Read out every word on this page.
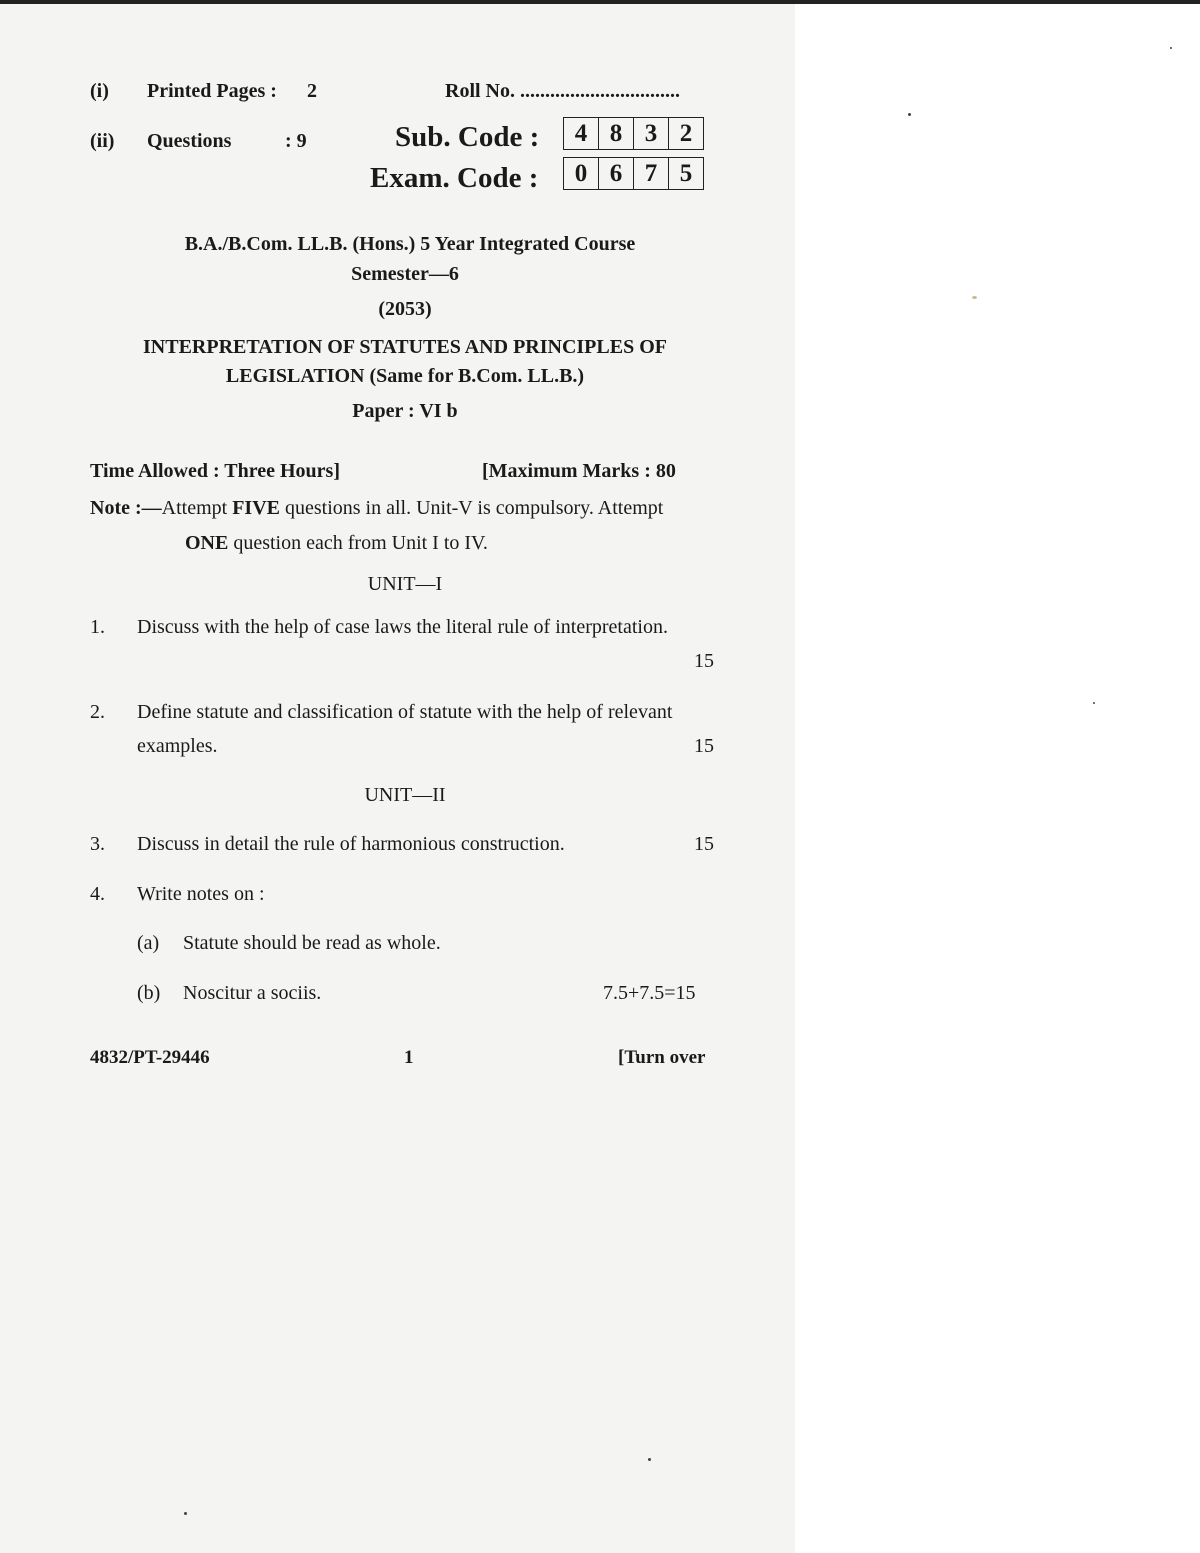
(i) Printed Pages : 2	Roll No. ................................
(ii) Questions	: 9	Sub. Code :	4 8 3 2
Exam. Code :	0 6 7 5
B.A./B.Com. LL.B. (Hons.) 5 Year Integrated Course
Semester—6
(2053)
INTERPRETATION OF STATUTES AND PRINCIPLES OF
LEGISLATION (Same for B.Com. LL.B.)
Paper : VI b
Time Allowed : Three Hours]	[Maximum Marks : 80
Note :—Attempt FIVE questions in all. Unit-V is compulsory. Attempt
ONE question each from Unit I to IV.
UNIT—I
1. Discuss with the help of case laws the literal rule of interpretation.
15
2. Define statute and classification of statute with the help of relevant
examples.	15
UNIT—II
3. Discuss in detail the rule of harmonious construction.	15
4. Write notes on :
(a) Statute should be read as whole.
(b) Noscitur a sociis.	7.5+7.5=15
4832/PT-29446	1	[Turn over
